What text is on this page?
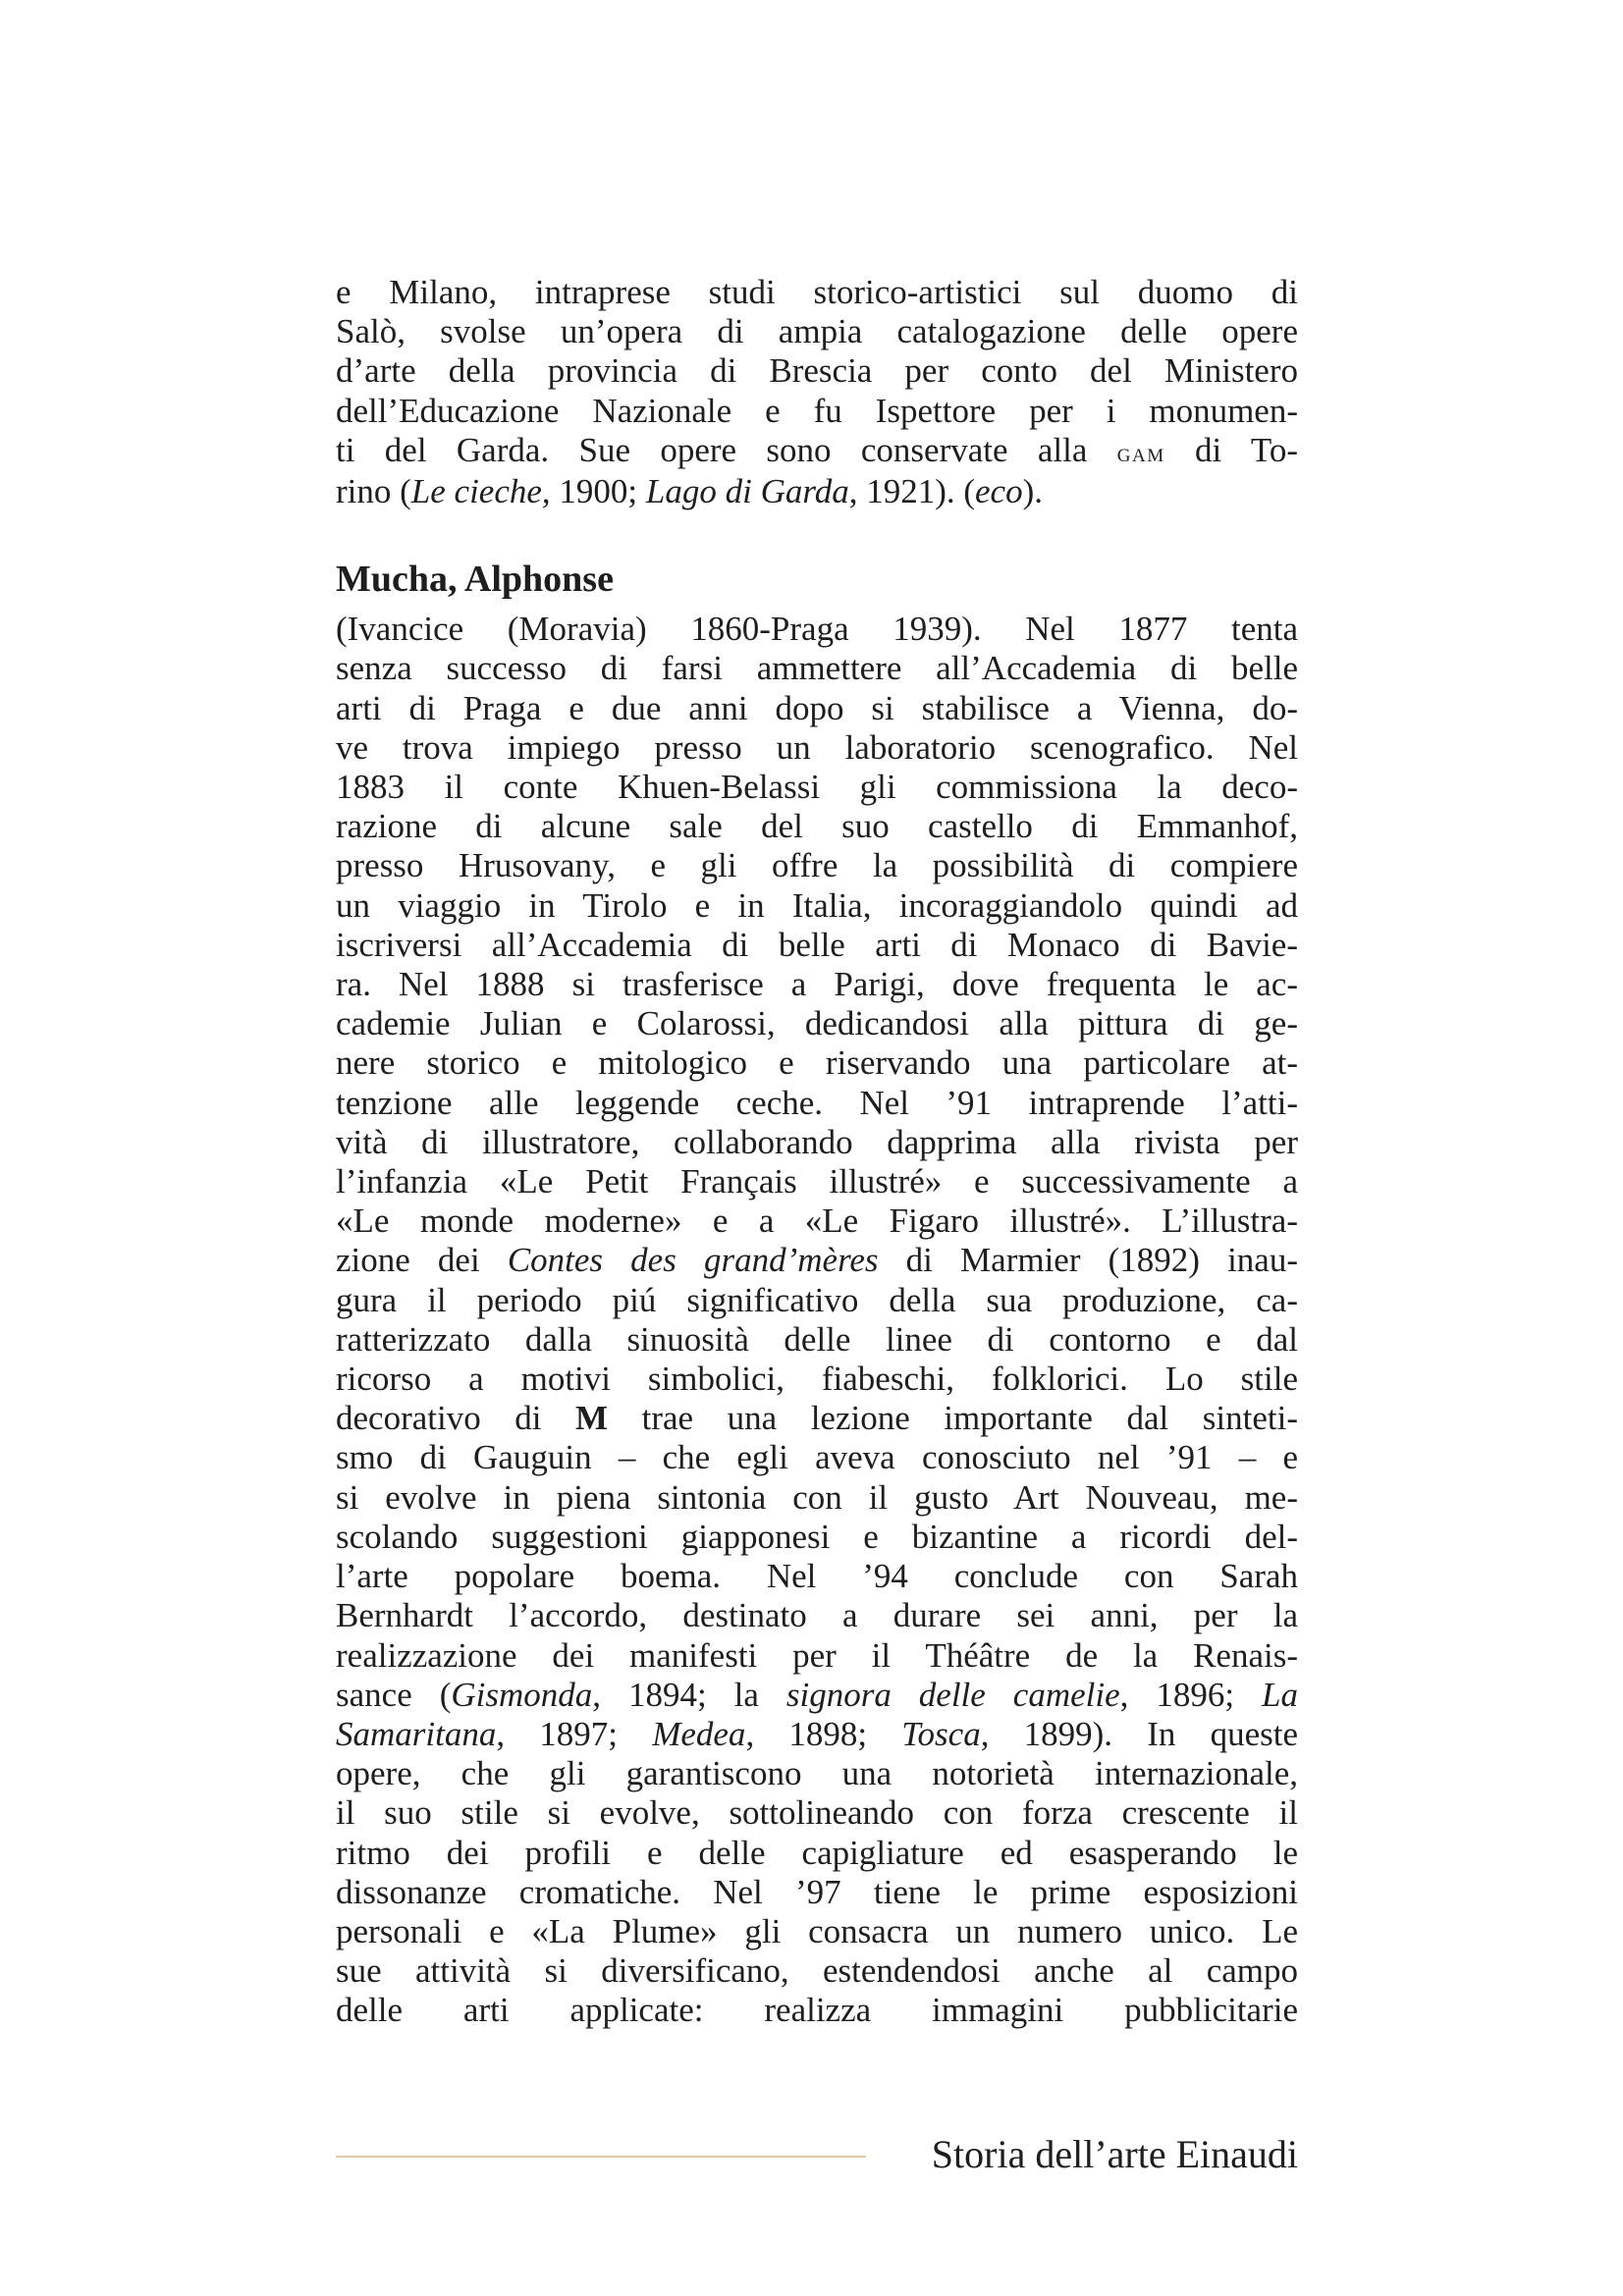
e Milano, intraprese studi storico-artistici sul duomo di
Salò, svolse un’opera di ampia catalogazione delle opere
d’arte della provincia di Brescia per conto del Ministero
dell’Educazione Nazionale e fu Ispettore per i monumen-
ti del Garda. Sue opere sono conservate alla gam di To-
rino (Le cieche, 1900; Lago di Garda, 1921). (eco).

Mucha, Alphonse

(Ivancice (Moravia) 1860-Praga 1939). Nel 1877 tenta
senza successo di farsi ammettere all’Accademia di belle
arti di Praga e due anni dopo si stabilisce a Vienna, do-
ve trova impiego presso un laboratorio scenografico. Nel
1883 il conte Khuen-Belassi gli commissiona la deco-
razione di alcune sale del suo castello di Emmanhof,
presso Hrusovany, e gli offre la possibilità di compiere
un viaggio in Tirolo e in Italia, incoraggiandolo quindi ad
iscriversi all’Accademia di belle arti di Monaco di Bavie-
ra. Nel 1888 si trasferisce a Parigi, dove frequenta le ac-
cademie Julian e Colarossi, dedicandosi alla pittura di ge-
nere storico e mitologico e riservando una particolare at-
tenzione alle leggende ceche. Nel ’91 intraprende l’atti-
vità di illustratore, collaborando dapprima alla rivista per
l’infanzia «Le Petit Français illustré» e successivamente a
«Le monde moderne» e a «Le Figaro illustré». L’illustra-
zione dei Contes des grand’mères di Marmier (1892) inau-
gura il periodo piú significativo della sua produzione, ca-
ratterizzato dalla sinuosità delle linee di contorno e dal
ricorso a motivi simbolici, fiabeschi, folklorici. Lo stile
decorativo di M trae una lezione importante dal sinteti-
smo di Gauguin – che egli aveva conosciuto nel ’91 – e
si evolve in piena sintonia con il gusto Art Nouveau, me-
scolando suggestioni giapponesi e bizantine a ricordi del-
l’arte popolare boema. Nel ’94 conclude con Sarah
Bernhardt l’accordo, destinato a durare sei anni, per la
realizzazione dei manifesti per il Théâtre de la Renais-
sance (Gismonda, 1894; la signora delle camelie, 1896; La
Samaritana, 1897; Medea, 1898; Tosca, 1899). In queste
opere, che gli garantiscono una notorietà internazionale,
il suo stile si evolve, sottolineando con forza crescente il
ritmo dei profili e delle capigliature ed esasperando le
dissonanze cromatiche. Nel ’97 tiene le prime esposizioni
personali e «La Plume» gli consacra un numero unico. Le
sue attività si diversificano, estendendosi anche al campo
delle arti applicate: realizza immagini pubblicitarie

Storia dell’arte Einaudi
